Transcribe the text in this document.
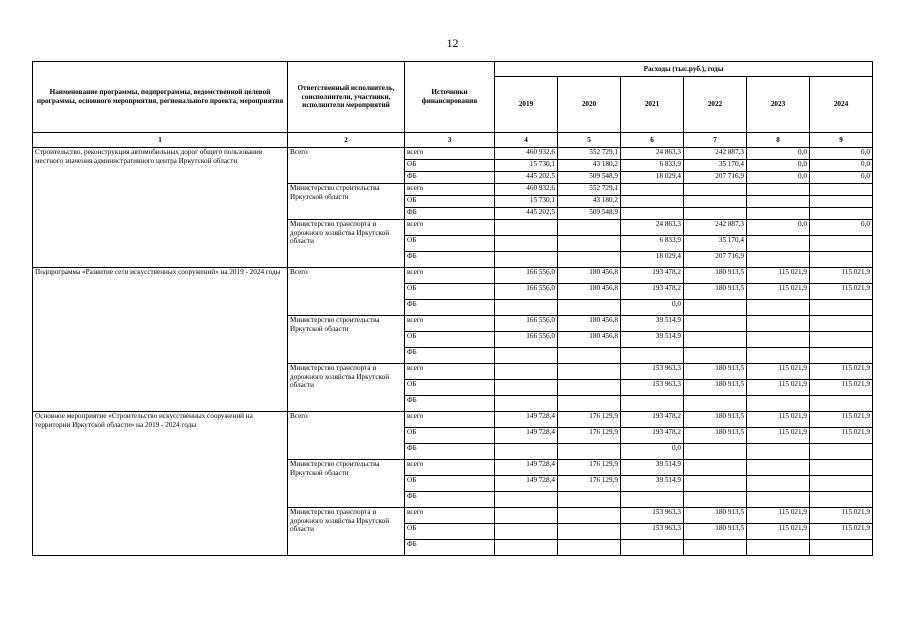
12
Наименование программы, подпрограммы, ведомственной целевой программы, основного мероприятия, регионального проекта, мероприятия	Ответственный исполнитель, соисполнители, участники, исполнители мероприятий	Источники финансирования	Расходы (тыс.руб.), годы					
			2019	2020	2021	2022	2023	2024
1	2	3	4	5	6	7	8	9
Строительство, реконструкция автомобильных дорог общего пользования местного значения административного центра Иркутской области	Всего	всего	460 932,6	552 729,1	24 863,3	242 887,3	0,0	0,0
		ОБ	15 730,1	43 180,2	6 833,9	35 170,4	0,0	0,0
		ФБ	445 202,5	509 548,9	18 029,4	207 716,9	0,0	0,0
	Министерство строительства Иркутской области	всего	460 932,6	552 729,1				
		ОБ	15 730,1	43 180,2				
		ФБ	445 202,5	509 548,9				
	Министерство транспорта и дорожного хозяйства Иркутской области	всего			24 863,3	242 887,3	0,0	0,0
		ОБ			6 833,9	35 170,4		
		ФБ			18 029,4	207 716,9		
Подпрограмма «Развитие сети искусственных сооружений» на 2019 - 2024 годы	Всего	всего	166 556,0	180 456,8	193 478,2	180 913,5	115 021,9	115 021,9
		ОБ	166 556,0	180 456,8	193 478,2	180 913,5	115 021,9	115 021,9
		ФБ			0,0			
	Министерство строительства Иркутской области	всего	166 556,0	180 456,8	39 514,9			
		ОБ	166 556,0	180 456,8	39 514,9			
		ФБ						
	Министерство транспорта и дорожного хозяйства Иркутской области	всего			153 963,3	180 913,5	115 021,9	115 021,9
		ОБ			153 963,3	180 913,5	115 021,9	115 021,9
		ФБ						
Основное мероприятие «Строительство искусственных сооружений на территории Иркутской области» на 2019 - 2024 годы	Всего	всего	149 728,4	176 129,9	193 478,2	180 913,5	115 021,9	115 021,9
		ОБ	149 728,4	176 129,9	193 478,2	180 913,5	115 021,9	115 021,9
		ФБ			0,0			
	Министерство строительства Иркутской области	всего	149 728,4	176 129,9	39 514,9			
		ОБ	149 728,4	176 129,9	39 514,9			
		ФБ						
	Министерство транспорта и дорожного хозяйства Иркутской области	всего			153 963,3	180 913,5	115 021,9	115 021,9
		ОБ			153 963,3	180 913,5	115 021,9	115 021,9
		ФБ						
